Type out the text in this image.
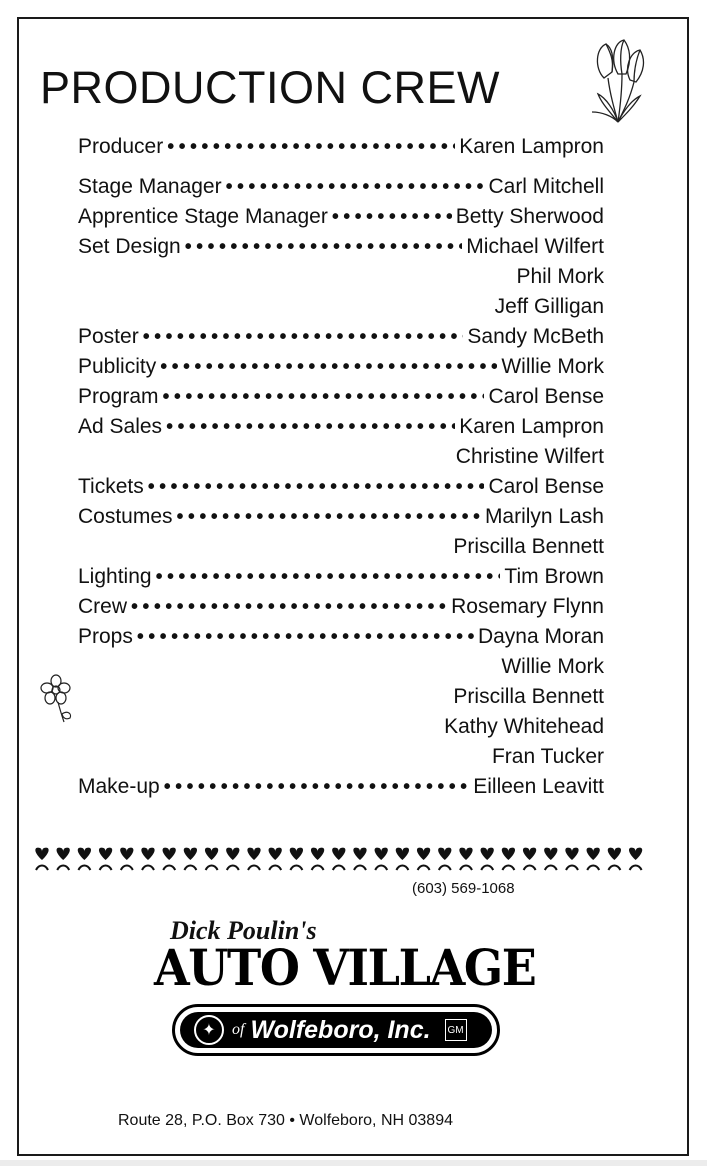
PRODUCTION CREW
Producer •••••	Karen Lampron
Stage Manager •••••	Carl Mitchell
Apprentice Stage Manager •••••	Betty Sherwood
Set Design •••••	Michael Wilfert
Phil Mork
Jeff Gilligan
Poster •••••	Sandy McBeth
Publicity •••••	Willie Mork
Program •••••	Carol Bense
Ad Sales •••••	Karen Lampron
Christine Wilfert
Tickets •••••	Carol Bense
Costumes •••••	Marilyn Lash
Priscilla Bennett
Lighting •••••	Tim Brown
Crew •••••	Rosemary Flynn
Props •••••	Dayna Moran
Willie Mork
Priscilla Bennett
Kathy Whitehead
Fran Tucker
Make-up •••••	Eilleen Leavitt
(603) 569-1068
Dick Poulin's
AUTO VILLAGE
✦	of Wolfeboro, Inc. GM
Route 28, P.O. Box 730 • Wolfeboro, NH 03894
